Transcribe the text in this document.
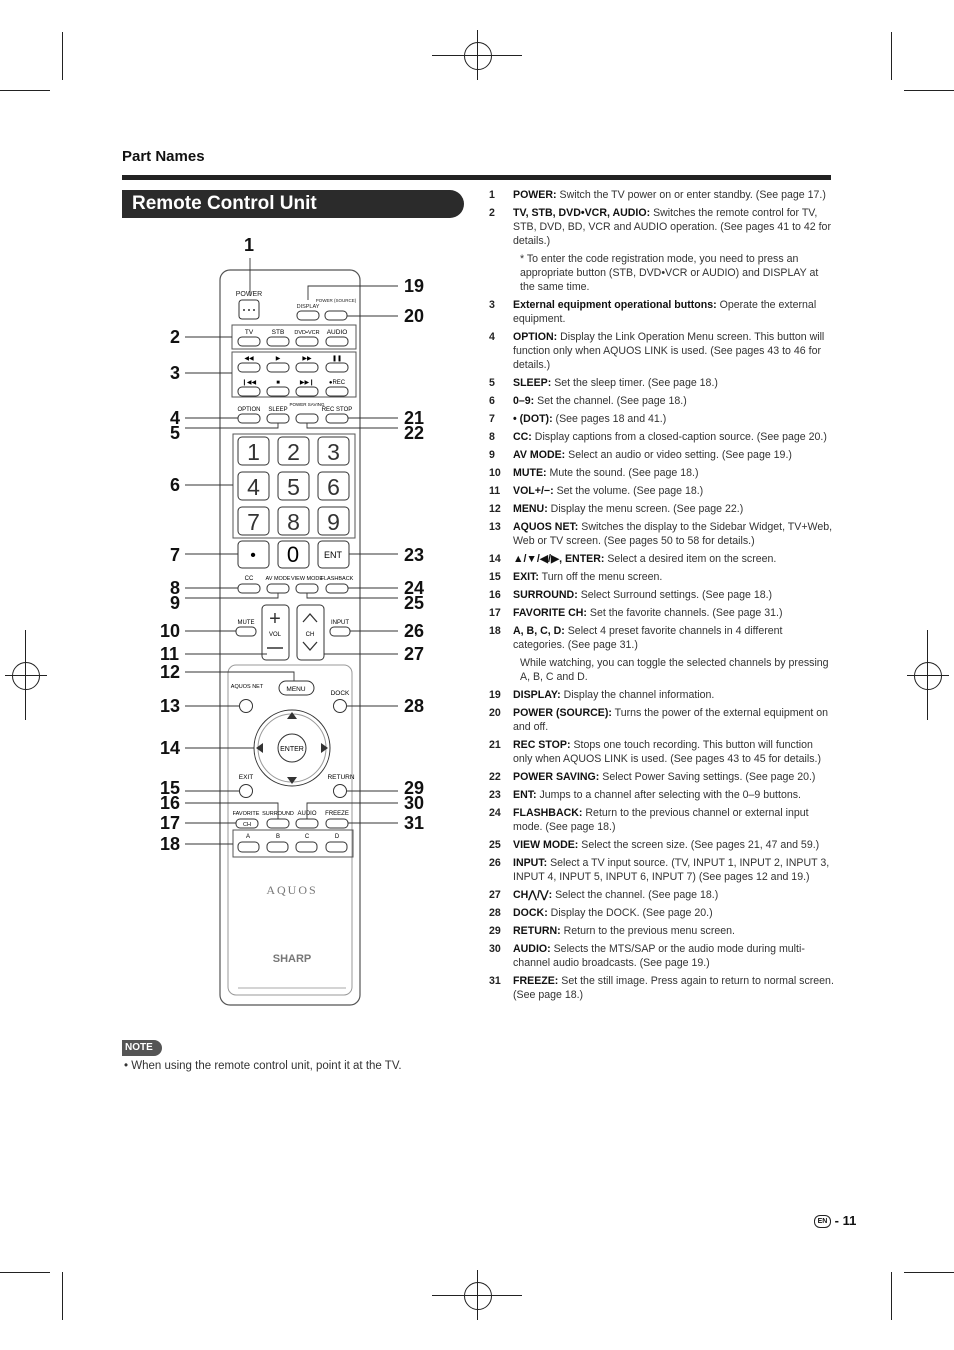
Part Names
Remote Control Unit
POWER
DISPLAY
POWER (SOURCE)
TV	STB DVD•VCR AUDIO
◀◀	▶	▶▶	❚❚
❙◀◀	■	▶▶❙ ●REC
OPTION SLEEP
POWER SAVING
REC STOP
1 2 3
4 5 6
7 8 9
• 0	ENT
CC AV MODE VIEW MODE
FLASHBACK
MUTE +
VOL	CH
INPUT
AQUOS NET	MENU
DOCK
ENTER
EXIT	RETURN
FAVORITE SURROUND AUDIO FREEZE
CH
A	B	C	D
AQUOS
SHARP
1
2
3
4
5
6
7
8
9
10
11
12
13
14
15
16
17
18
19
20
21
22
23
24
25
26
27
28
29
30
31
1 POWER: Switch the TV power on or enter standby. (See page 17.)
2 TV, STB, DVD•VCR, AUDIO: Switches the remote control for TV, STB, DVD, BD, VCR and AUDIO operation. (See pages 41 to 42 for details.)
* To enter the code registration mode, you need to press an appropriate button (STB, DVD•VCR or AUDIO) and DISPLAY at the same time.
3 External equipment operational buttons: Operate the external equipment.
4 OPTION: Display the Link Operation Menu screen. This button will function only when AQUOS LINK is used. (See pages 43 to 46 for details.)
5 SLEEP: Set the sleep timer. (See page 18.)
6 0–9: Set the channel. (See page 18.)
7 • (DOT): (See pages 18 and 41.)
8 CC: Display captions from a closed-caption source. (See page 20.)
9 AV MODE: Select an audio or video setting. (See page 19.)
10 MUTE: Mute the sound. (See page 18.)
11 VOL+/−: Set the volume. (See page 18.)
12 MENU: Display the menu screen. (See page 22.)
13 AQUOS NET: Switches the display to the Sidebar Widget, TV+Web, Web or TV screen. (See pages 50 to 58 for details.)
14 ▲/▼/◀/▶, ENTER: Select a desired item on the screen.
15 EXIT: Turn off the menu screen.
16 SURROUND: Select Surround settings. (See page 18.)
17 FAVORITE CH: Set the favorite channels. (See page 31.)
18 A, B, C, D: Select 4 preset favorite channels in 4 different categories. (See page 31.)
While watching, you can toggle the selected channels by pressing A, B, C and D.
19 DISPLAY: Display the channel information.
20 POWER (SOURCE): Turns the power of the external equipment on and off.
21 REC STOP: Stops one touch recording. This button will function only when AQUOS LINK is used. (See pages 43 to 45 for details.)
22 POWER SAVING: Select Power Saving settings. (See page 20.)
23 ENT: Jumps to a channel after selecting with the 0–9 buttons.
24 FLASHBACK: Return to the previous channel or external input mode. (See page 18.)
25 VIEW MODE: Select the screen size. (See pages 21, 47 and 59.)
26 INPUT: Select a TV input source. (TV, INPUT 1, INPUT 2, INPUT 3, INPUT 4, INPUT 5, INPUT 6, INPUT 7) (See pages 12 and 19.)
27 CH⋀/⋁: Select the channel. (See page 18.)
28 DOCK: Display the DOCK. (See page 20.)
29 RETURN: Return to the previous menu screen.
30 AUDIO: Selects the MTS/SAP or the audio mode during multi-channel audio broadcasts. (See page 19.)
31 FREEZE: Set the still image. Press again to return to normal screen. (See page 18.)
NOTE
• When using the remote control unit, point it at the TV.
EN - 11
